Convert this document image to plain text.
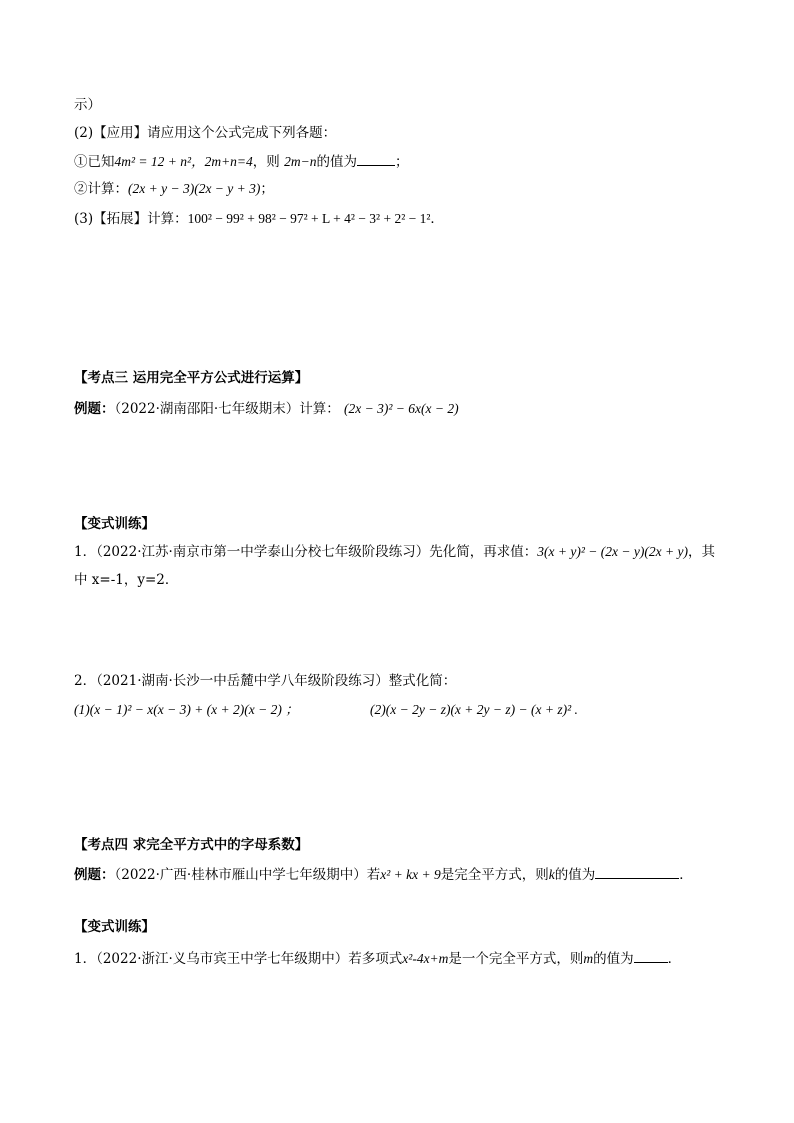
示）
(2)【应用】请应用这个公式完成下列各题：
①已知4m² = 12 + n²，2m+n=4，则 2m−n的值为	；
②计算：(2x + y − 3)(2x − y + 3)；
(3)【拓展】计算：100² − 99² + 98² − 97² + L + 4² − 3² + 2² − 1²．
【考点三 运用完全平方公式进行运算】
例题：（2022·湖南邵阳·七年级期末）计算： (2x − 3)² − 6x(x − 2)
【变式训练】
1．（2022·江苏·南京市第一中学泰山分校七年级阶段练习）先化简，再求值：3(x + y)² − (2x − y)(2x + y)，其
中 x=-1，y=2．
2．（2021·湖南·长沙一中岳麓中学八年级阶段练习）整式化简：
(1)(x − 1)² − x(x − 3) + (x + 2)(x − 2) ；	(2)(x − 2y − z)(x + 2y − z) − (x + z)² .
【考点四 求完全平方式中的字母系数】
例题：（2022·广西·桂林市雁山中学七年级期中）若x² + kx + 9是完全平方式，则k的值为	．
【变式训练】
1．（2022·浙江·义乌市宾王中学七年级期中）若多项式x²-4x+m是一个完全平方式，则m的值为	．
